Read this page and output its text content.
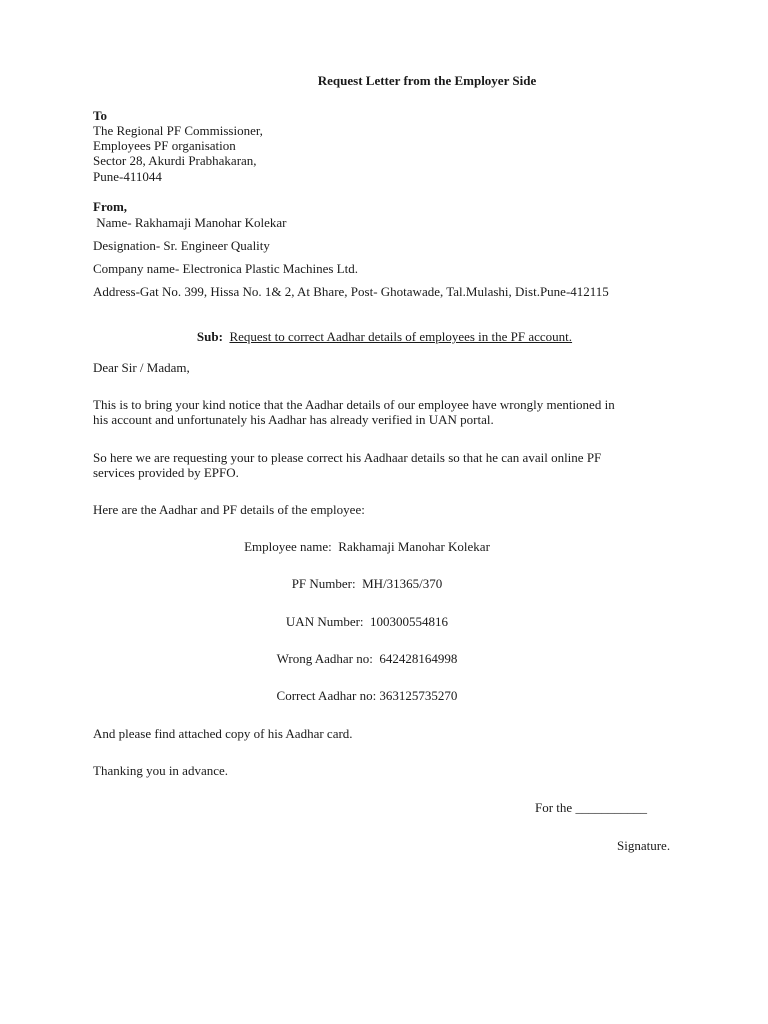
Request Letter from the Employer Side
To
The Regional PF Commissioner,
Employees PF organisation
Sector 28, Akurdi Prabhakaran,
Pune-411044
From,
Name- Rakhamaji Manohar Kolekar
Designation- Sr. Engineer Quality
Company name- Electronica Plastic Machines Ltd.
Address-Gat No. 399, Hissa No. 1& 2, At Bhare, Post- Ghotawade, Tal.Mulashi, Dist.Pune-412115
Sub: Request to correct Aadhar details of employees in the PF account.
Dear Sir / Madam,
This is to bring your kind notice that the Aadhar details of our employee have wrongly mentioned in
his account and unfortunately his Aadhar has already verified in UAN portal.
So here we are requesting your to please correct his Aadhaar details so that he can avail online PF
services provided by EPFO.
Here are the Aadhar and PF details of the employee:
Employee name:  Rakhamaji Manohar Kolekar
PF Number:  MH/31365/370
UAN Number:  100300554816
Wrong Aadhar no:  642428164998
Correct Aadhar no: 363125735270
And please find attached copy of his Aadhar card.
Thanking you in advance.
For the ___________
Signature.
